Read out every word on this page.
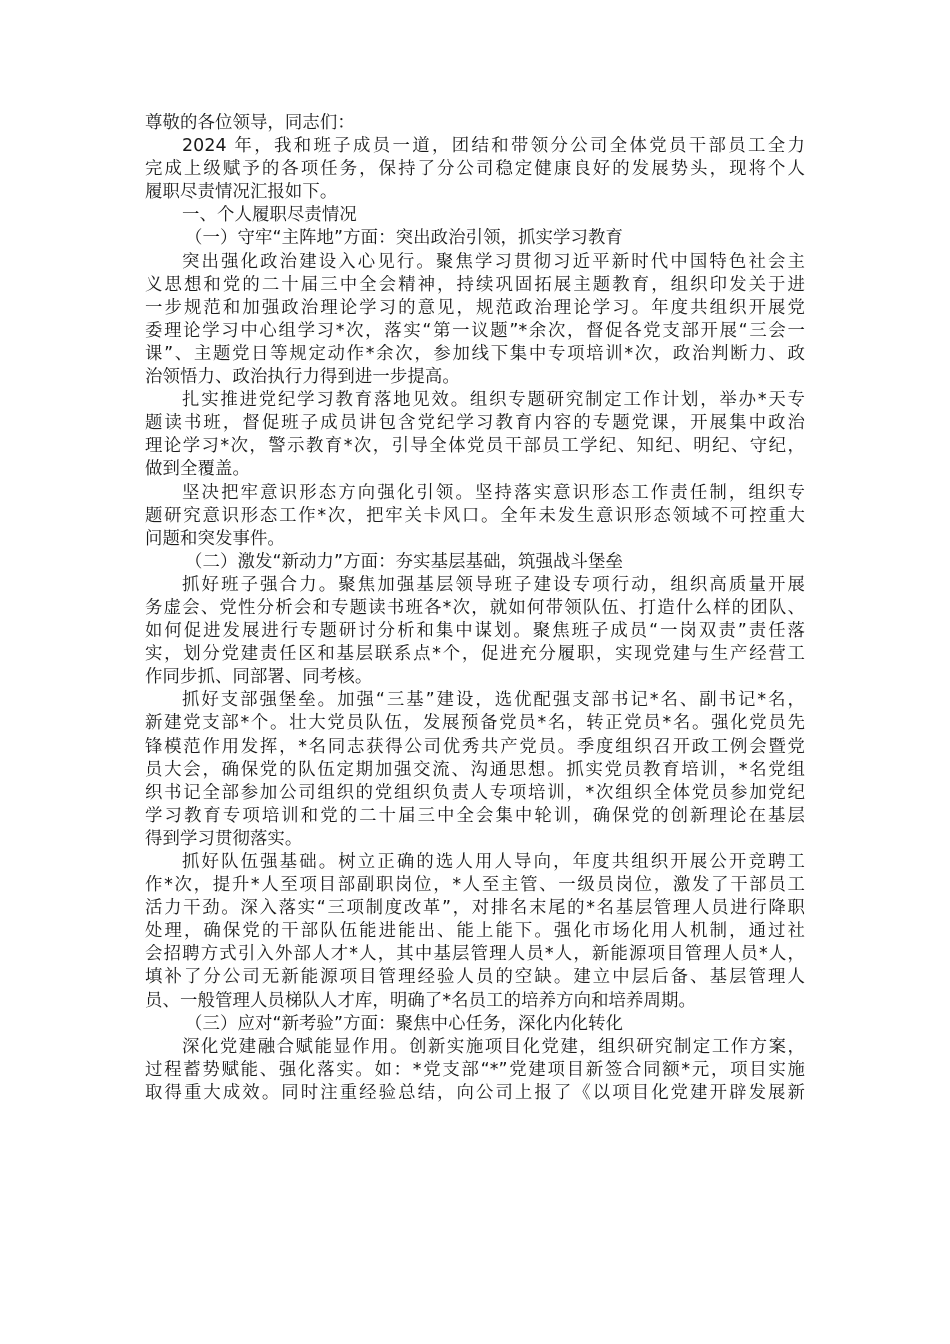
尊敬的各位领导，同志们：
2024 年，我和班子成员一道，团结和带领分公司全体党员干部员工全力
完成上级赋予的各项任务，保持了分公司稳定健康良好的发展势头，现将个人
履职尽责情况汇报如下。
一、个人履职尽责情况
（一）守牢“主阵地”方面：突出政治引领，抓实学习教育
突出强化政治建设入心见行。聚焦学习贯彻习近平新时代中国特色社会主
义思想和党的二十届三中全会精神，持续巩固拓展主题教育，组织印发关于进
一步规范和加强政治理论学习的意见，规范政治理论学习。年度共组织开展党
委理论学习中心组学习*次，落实“第一议题”*余次，督促各党支部开展“三会一
课”、主题党日等规定动作*余次，参加线下集中专项培训*次，政治判断力、政
治领悟力、政治执行力得到进一步提高。
扎实推进党纪学习教育落地见效。组织专题研究制定工作计划，举办*天专
题读书班，督促班子成员讲包含党纪学习教育内容的专题党课，开展集中政治
理论学习*次，警示教育*次，引导全体党员干部员工学纪、知纪、明纪、守纪，
做到全覆盖。
坚决把牢意识形态方向强化引领。坚持落实意识形态工作责任制，组织专
题研究意识形态工作*次，把牢关卡风口。全年未发生意识形态领域不可控重大
问题和突发事件。
（二）激发“新动力”方面：夯实基层基础，筑强战斗堡垒
抓好班子强合力。聚焦加强基层领导班子建设专项行动，组织高质量开展
务虚会、党性分析会和专题读书班各*次，就如何带领队伍、打造什么样的团队、
如何促进发展进行专题研讨分析和集中谋划。聚焦班子成员“一岗双责”责任落
实，划分党建责任区和基层联系点*个，促进充分履职，实现党建与生产经营工
作同步抓、同部署、同考核。
抓好支部强堡垒。加强“三基”建设，选优配强支部书记*名、副书记*名，
新建党支部*个。壮大党员队伍，发展预备党员*名，转正党员*名。强化党员先
锋模范作用发挥，*名同志获得公司优秀共产党员。季度组织召开政工例会暨党
员大会，确保党的队伍定期加强交流、沟通思想。抓实党员教育培训，*名党组
织书记全部参加公司组织的党组织负责人专项培训，*次组织全体党员参加党纪
学习教育专项培训和党的二十届三中全会集中轮训，确保党的创新理论在基层
得到学习贯彻落实。
抓好队伍强基础。树立正确的选人用人导向，年度共组织开展公开竞聘工
作*次，提升*人至项目部副职岗位，*人至主管、一级员岗位，激发了干部员工
活力干劲。深入落实“三项制度改革”，对排名末尾的*名基层管理人员进行降职
处理，确保党的干部队伍能进能出、能上能下。强化市场化用人机制，通过社
会招聘方式引入外部人才*人，其中基层管理人员*人，新能源项目管理人员*人，
填补了分公司无新能源项目管理经验人员的空缺。建立中层后备、基层管理人
员、一般管理人员梯队人才库，明确了*名员工的培养方向和培养周期。
（三）应对“新考验”方面：聚焦中心任务，深化内化转化
深化党建融合赋能显作用。创新实施项目化党建，组织研究制定工作方案，
过程蓄势赋能、强化落实。如：*党支部“*”党建项目新签合同额*元，项目实施
取得重大成效。同时注重经验总结，向公司上报了《以项目化党建开辟发展新
